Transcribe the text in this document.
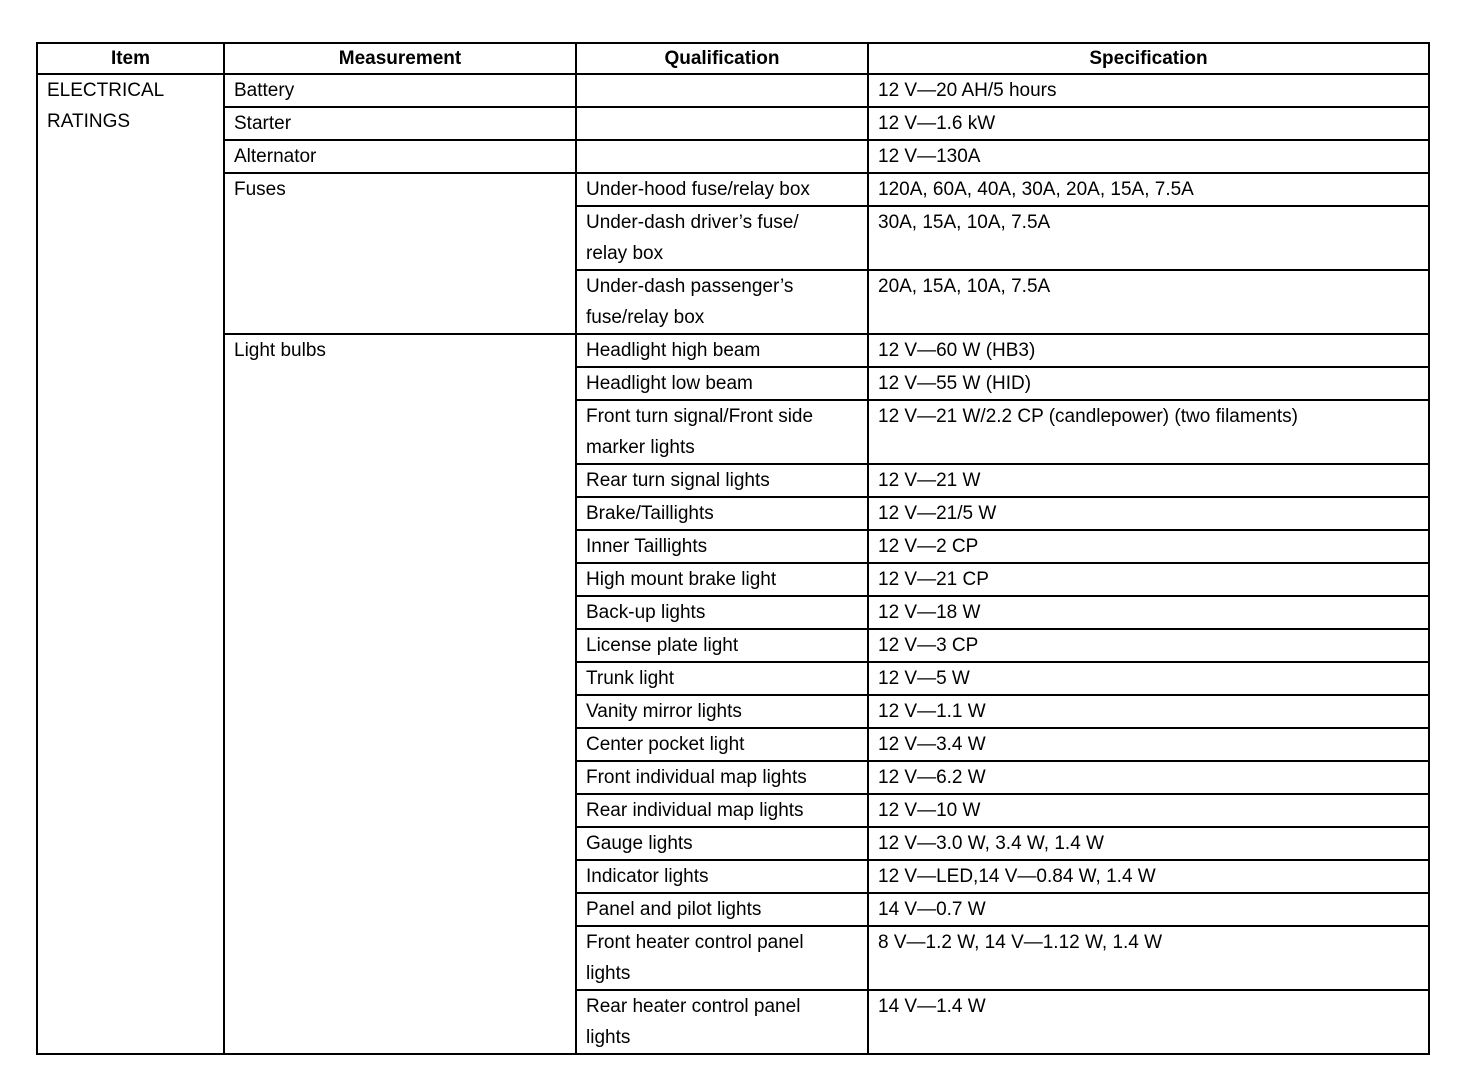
Item	Measurement	Qualification	Specification

ELECTRICAL
RATINGS	Battery		12 V—20 AH/5 hours
	Starter		12 V—1.6 kW
	Alternator		12 V—130A
	Fuses	Under-hood fuse/relay box	120A, 60A, 40A, 30A, 20A, 15A, 7.5A

		Under-dash driver’s fuse/
relay box	30A, 15A, 10A, 7.5A

		Under-dash passenger’s
fuse/relay box	20A, 15A, 10A, 7.5A
	Light bulbs	Headlight high beam	12 V—60 W (HB3)
		Headlight low beam	12 V—55 W (HID)

		Front turn signal/Front side
marker lights	12 V—21 W/2.2 CP (candlepower) (two filaments)
		Rear turn signal lights	12 V—21 W
		Brake/Taillights	12 V—21/5 W
		Inner Taillights	12 V—2 CP
		High mount brake light	12 V—21 CP
		Back-up lights	12 V—18 W
		License plate light	12 V—3 CP
		Trunk light	12 V—5 W
		Vanity mirror lights	12 V—1.1 W
		Center pocket light	12 V—3.4 W
		Front individual map lights	12 V—6.2 W
		Rear individual map lights	12 V—10 W
		Gauge lights	12 V—3.0 W, 3.4 W, 1.4 W
		Indicator lights	12 V—LED,14 V—0.84 W, 1.4 W
		Panel and pilot lights	14 V—0.7 W

		Front heater control panel
lights	8 V—1.2 W, 14 V—1.12 W, 1.4 W

		Rear heater control panel
lights	14 V—1.4 W
